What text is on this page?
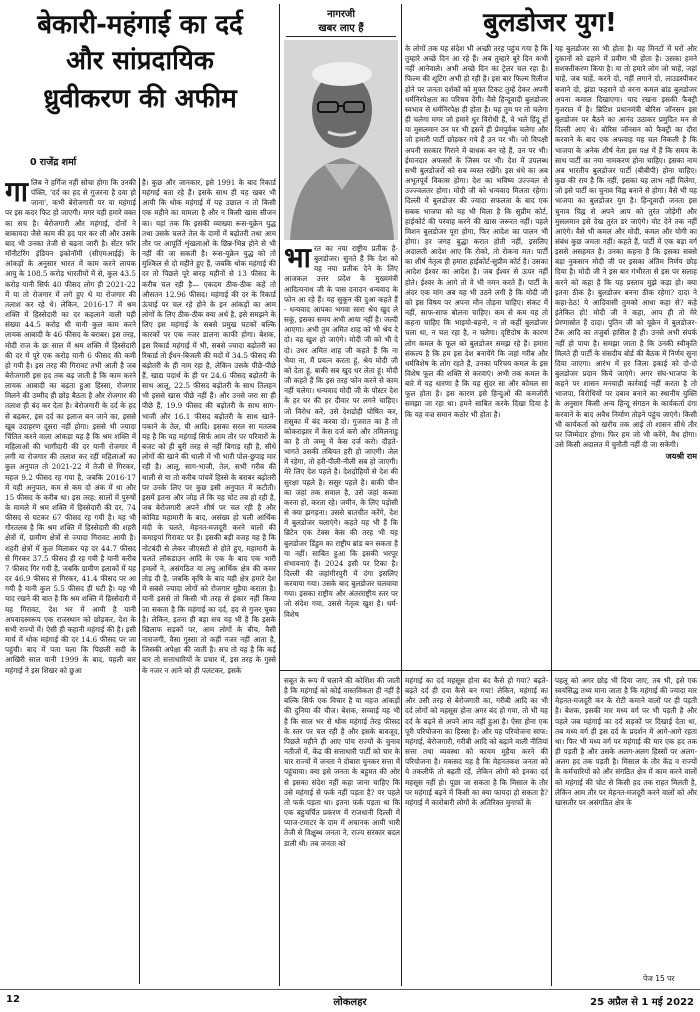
बेकारी-महंगाई का दर्द
और सांप्रदायिक
ध्रुवीकरण की अफीम
0 राजेंद्र शर्मा
गा लिब ने हर्गिज नहीं सोचा होगा कि उनकी पंक्ति, 'दर्द का हद से गुजरना है दवा हो जाना', कभी बेरोजगारी पर या महंगाई पर इस कदर फिट हो जाएगी। मगर यही हमारे वक्त का सच है। बेरोजगारी और महंगाई, दोनों ने बाकायदा जैसे काम की हद पार कर ली और उसके बाद भी उनका तेजी से बढ़ना जारी है। सेंटर फॉर मॉनीटरिंग इंडियन इकोनॉमी (सीएमआईई) के आंकड़ों के अनुसार भारत में काम करने लायक आयु के 108.5 करोड़ भारतीयों में से, कुल 43.5 करोड़ यानी सिर्फ 40 फीसद लोग ही 2021-22 में या तो रोजगार में लगे हुए थे या रोजगार की तलाश कर रहे थे। लेकिन, 2016-17 में श्रम शक्ति में हिस्सेदारी का दर कहलाने वाली यही संख्या 44.5 करोड़ थी यानी कुल काम करने लायक आबादी के 46 फीसद के बराबर। इस तरह, मोदी राज के छः साल में श्रम शक्ति में हिस्सेदारी की दर में पूरे एक करोड़ यानी 6 फीसद की कमी हो गयी है। इस तरह की गिरावट तभी आती है जब बेरोजगारी इस हद तक बढ़ जाती है कि काम करने लायक आबादी का बढ़ता हुआ हिस्सा, रोजगार मिलने की उम्मीद ही छोड़ बैठता है और रोजगार की तलाश ही बंद कर देता है। बेरोजगारी के दर्द के हद से बढ़कर, इस दर्द का इलाज बन जाने का, इससे खूब उदाहरण दूसरा नहीं होगा। इससे भी ज्यादा चिंतित करने वाला आंकड़ा यह है कि श्रम शक्ति में महिलाओं की भागीदारी की दर यानी रोजगार में लगी या रोजगार की तलाश कर रहीं महिलाओं का कुल अनुपात तो 2021-22 में तेजी से गिरकर, महज 9.2 फीसद रह गया है, जबकि 2016-17 में यही अनुपात, कम से कम दो अंक में था और 15 फीसद के करीब था। इस तरह: सालों में पुरुषों के मामले में श्रम शक्ति में हिस्सेदारी की दर, 74 फीसद से घटकर 67 फीसद रह गयी है। यह भी गौरतलब है कि श्रम शक्ति में हिस्सेदारी की शहरी क्षेत्रों में, ग्रामीण क्षेत्रों से ज्यादा गिरावट आयी है। शहरी क्षेत्रों में कुल मिलाकर यह दर 44.7 फीसद से गिरकर 37.5 फीसद ही रह गयी है यानी करीब 7 फीसद गिर गयी है, जबकि ग्रामीण इलाकों में यह दर 46.9 फीसद से गिरकर, 41.4 फीसद पर आ गयी है यानी कुल 5.5 फीसद ही घटी है। यह भी याद रखने की बात है कि श्रम शक्ति में हिस्सेदारी में यह गिरावट, देश भर में आयी है यानी अपवादस्वरूप एक राजस्थान को छोड़कर, देश के सभी राज्यों में। ऐसी ही कहानी महंगाई की है। इसी मार्च में थोक महंगाई की दर 14.6 फीसद पर जा पहुंची। बाद में पता चला कि पिछली सदी के आखिरी साल यानी 1999 के बाद, पहली बार महंगाई ने इस शिखर को छुआ
है। कुछ और जानकार, इसे 1991 के बाद रिकार्ड महंगाई बता रहे हैं। इसके साथ ही यह खबर भी आयी कि थोक महंगाई में यह उछाल न तो किसी एक महीने का मामला है और न किसी खास सीजन का। यहां तक कि इसकी व्याख्या रूस-यूक्रेन युद्ध तथा उसके चलते तेल के दामों में बढ़ोतरी तथा आम तौर पर आपूर्ति शृंखलाओं के छिन्न-भिन्न होने से भी नहीं की जा सकती है। रूस-यूक्रेन युद्ध को तो मुश्किल से दो महीने हुए हैं, जबकि थोक महंगाई की दर तो पिछले पूरे बारह महीनों से 13 फीसद के करीब चल रही है— एकदम ठीक-ठीक कहें तो औसतन 12.96 फीसद। महंगाई की दर के रिकार्ड ऊंचाई पर चल रहे होने के इन आंकड़ों का आम लोगों के लिए ठीक-ठीक क्या अर्थ है, इसे समझने के लिए इस महंगाई के सबसे प्रमुख घटकों बल्कि कारकों पर एक नजर डालना काफी होगा। बेशक, इस रिकार्ड महंगाई में भी, सबसे ज्यादा बढ़ोतरी का रिकार्ड तो ईंधन-बिजली की मदों में 34.5 फीसद की बढ़ोतरी के ही नाम रहा है, लेकिन उसके पीछे-पीछे हैं, खाद्य पदार्थ के ही पर 24.6 फीसद बढ़ोतरी के साथ आलू, 22.5 फीसद बढ़ोतरी के साथ तिलहन भी इससे खास पीछे नहीं हैं। और उनसे जरा सा ही पीछे हैं, 19.9 फीसद की बढ़ोतरी के साथ साग-भाजी और 16.1 फीसद बढ़ोतरी के साथ खाने-पकाने के तेल, घी आदि। इसका सरल सा मतलब यह है कि यह महंगाई सिर्फ आम तौर पर परिवारों के बजट को ही बुरी तरह से नहीं बिगाड़ रही है, सीधे लोगों की खाने की थाली में भी भारी पोल-छुपाइ मार रही है। आलू, साग-भाजी, तेल, सभी गरीब की थाली से या तो करीब पांचवें हिस्से के बराबर बढ़ोतरी पर उनके लिए पर कुछ इसी अनुपात में कटौती। इसमें इतना और जोड़ लें कि यह चोट तब हो रही है, जब बेरोजगारी अपने शीर्ष पर चल रही है और कोविड महामारी के बाद, असंख्य हो चली आर्थिक मंदी के चलते, मेहनत-मजदूरी करने वालों की कमाइयां गिरावट पर हैं। इसकी बड़ी वजह यह है कि नोटबंदी से लेकर जीएसटी से होते हुए, महामारी के चलते लॉकडाउन आदि के एक के बाद एक भारी हमलों ने, असंगठित या लघु आर्थिक क्षेत्र की कमर तोड़ दी है, जबकि कृषि के बाद यही क्षेत्र हमारे देश में सबसे ज्यादा लोगों को रोजगार मुहैया कराता है। यानी इससे तो किसी भी तरह से इंकार नहीं किया जा सकता है कि महंगाई का दर्द, हद से गुजर चुका है। लेकिन, इतना ही बड़ा सच यह भी है कि इसके खिलाफ सड़कों पर, आम लोगों के बीच, वैसी नाराजगी, वैसा गुस्सा तो कहीं नजर नहीं आता है, जिसकी अपेक्षा की जाती है। सच तो यह है कि कई बार तो सत्ताधारियों के प्रचार में, इस तरह के गुस्से के नजर न आने को ही पलटकर, इसके
नागरजी
खबर लाए हैं
भा रत का नया राष्ट्रीय प्रतीक है-बुलडोजर। सुनते हैं कि देश को यह नया प्रतीक देने के लिए आजकल उत्तर प्रदेश के मुख्यमंत्री आदित्यनाथ जी के पास दनादन धन्यवाद के फोन आ रहे हैं। यह सुकून की दुआ कहते हैं - धन्यवाद आपका भगवा सारा श्रेय खुद ले सकूं, इसका समय अभी आया नहीं है। जल्दी आएगा। अभी तुम अमित शाह को भी श्रेय दे दो। वह खुश हो जाएंगे। मोदी जी को भी दे दो। उधर अमित शाह जी कहते हैं कि ना भैया ना, मैं प्रयत्न करता हूं, श्रेय मोदी जी को देता हूं, बाकी सब खुद धर लेता हूं। मोदी जी कहते हैं कि इस तरह फोन करने से काम नहीं चलेगा। धन्यवाद मोदी जी के पोस्टर देश के हर घर की हर दीवार पर लगने चाहिए। जो विरोध करें, उसे देशद्रोही घोषित कर, रासुका में बंद करवा दो। गुजरात का है तो कोकराझार में केस दर्ज करो और तमिलनाडु का है तो जम्मू में केस दर्ज करो। दौड़ते- भागते उसकी तबियत हरी हो जाएगी। जेल में रहेगा, तो हरी-पीली-नीली सब हो जाएगी। मेरे लिए देश पहले है। देशद्रोहियों से देश की सुरक्षा पहले है। ससुर पहले है। बाकी चीन का जहां तक सवाल है, उसे जहां कब्जा करना हो, करता रहे। जमीन, के लिए पड़ोसी से क्या झगड़ना। उससे बातचीत करेंगे, देश में बुलडोजर चलाएंगे। कहते यह भी हैं कि ब्रिटेन एक टेक्स केस की तरह भी यह बुलडोजर डिंडुम का राष्ट्रीय ब्रांड बन सकता है या नहीं। साबित हुआ कि इसकी भरपूर संभावनाएं हैं। 2024 इसी पर टिका है। दिल्ली की जहांगीरपुरी में दंगा इसलिए करवाया गया। उसके बाद बुलडोजर चलवाया गया। इसका राष्ट्रीय और अंतरराष्ट्रीय स्तर पर जो संदेश गया, उससे नेतृत्व खुश है। धर्म- विशेष
सबूत के रूप में चलाने की कोशिश की जाती है कि महंगाई को कोई वास्तविकता ही नहीं है बल्कि सिर्फ एक विचार है या महज आंकड़ों की दुनिया की चीज। बेशक, सच्चाई यह भी है कि साल भर से थोक महंगाई तेरह फीसद के स्तर पर चल रही है और इसके बावजूद, पिछले महीने ही आए पांच राज्यों के चुनाव नतीजों में, केंद्र की सत्ताधारी पार्टी को चार के चार राज्यों में जनता ने दोबारा चुनकर सत्ता में पहुंचाया। क्या इसे जनता के बहुमत की ओर से इसका संदेश नहीं कहा जाना चाहिए कि उसे महंगाई से फर्क नहीं पड़ता है? पर पहले तो फर्क पड़ता था। इतना फर्क पड़ता था कि एक बहुचर्चित प्रकरण में राजधानी दिल्ली में प्याज-टमाटर के दाम में अचानक आयी भारी तेजी से विक्षुब्ध जनता ने, राज्य सरकार बदल डाली थी। तब जनता को
बुलडोजर युग!
के लोगों तक यह संदेश भी अच्छी तरह पहुंच गया है कि तुम्हारे अच्छे दिन आ रहे हैं। अब तुम्हारे बुरे दिन कभी नहीं आनेवाले। अभी अच्छे दिन का ट्रेलर चल रहा है। फिल्म की शूटिंग अभी हो रही है। इस बार फिल्म रिलीज होने पर जनता दर्शकों को मुफ्त टिकट तुम्हें देकर अपनी धर्मनिरपेक्षता का परिचय देंगी। वैसे हिन्दूवादी बुलडोजर स्वभाव से धर्मनिरपेक्ष ही होता है। यह तुम पर तो चलेगा ही चलेगा मगर जो हमारे धुर विरोधी हैं, वे भले हिंदू हों या मुसलमान उन पर भी इसने ही प्रेमपूर्वक चलेगा और जो हमारी पार्टी छोड़कर गये हैं उन पर भी। जो विपक्षी अपनी सरकार गिराने में बाधक बन रहे हैं, उन पर भी। ईमानदार अफसरों के जिस्म पर भी। देश में उपलब्ध सभी बुलडोजरों को सब व्यस्त रखेंगे। इस धंधे का अब अभूतपूर्व विकास होगा। देश का भविष्य उज्ज्वल से उज्ज्वलतर होगा। मोदी जी को धन्यवाद मिलता रहेगा। दिल्ली में बुलडोजर की ज्यादा सफलता के बाद एक सबक भाजपा को यह भी मिला है कि सुप्रीम कोर्ट, हाईकोर्ट की परवाह करने की खास जरूरत नहीं। पहले मिशन बुलडोजर पूरा होगा, फिर आदेश का पालन भी होगा। हर जगह बुद्धा करात होती नहीं, इसलिए अदालती आदेश आए कि रोको, तो रोकना मत। पार्टी का शीर्ष नेतृत्व ही हमारा हाईकोर्ट-सुप्रीम कोर्ट है। उसका आदेश ईश्वर का आदेश है। जब ईश्वर से ऊपर नहीं होते। ईश्वर के आगे तो वे भी नमन करते हैं। पार्टी के अंदर एक मांग अब यह भी उठने लगी है कि मोदी जी को इस विषय पर अपना मौन तोड़ना चाहिए। संकट में नहीं, साफ-साफ बोलना चाहिए। कम से कम यह तो कहना चाहिए कि भाइयो-बहनो, न तो कहीं बुलडोजर चला था, न चल रहा है, न चलेगा। दृष्टिदोष के कारण लोग कमल के फूल को बुलडोजर समझ रहे हैं। हमारा संकल्प है कि हम इस देश बनायेंगे कि जहां गरीब और धर्मविशेष के लोग रहते हैं, उनका परिचय कमल के इस विशेष फूल की शक्ति से करवाएं। अभी तक कमल के बारे में यह धारणा है कि यह सुंदर सा और कोमल सा फूल होता है। इस कारण इसे हिन्दुओं की कमजोरी समझा जा रहा था। हमने साबित करके दिखा दिया है कि यह वज्र समान कठोर भी होता है।
यह बुलडोजर सा भी होता है। यह मिनटों में घरों और दुकानों को ढहाने में प्रवीण भी होता है। उसका हमने सशक्तीकरण किया है। या तो हमारे लोग जो चाहें, जहां चाहें, जब चाहें, करने दो, नहीं लगाने दो, लाउडस्पीकर बजाने दो, झंडा फहराने दो वरना कमल ब्रांड बुलडोजर अपना कमाल दिखाएगा। याद रखना इसकी फैक्ट्री गुजरात में है। ब्रिटिश प्रधानमंत्री बोरिस जॉनसन इस बुलडोजर पर बैठने का आनंद उठाकर प्रमुदित मन से दिल्ली आए थे। बोरिस जॉनसन को फैक्ट्री का दौरा करवाने के बाद एक अफवाह यह चल निकली है कि भाजपा के अनेक शीर्ष नेता इस पक्ष में हैं कि समय के साथ पार्टी का नया नामकरण होना चाहिए। इसका नाम अब भारतीय बुलडोजर पार्टी (बीबीपी) होना चाहिए। कुछ की राय है कि नहीं, इसका यह लाभ नहीं मिलेगा, जो इसे पार्टी का चुनाव चिह्न बनाने से होगा। वैसे भी यह भाजपा का बुलडोजर युग है। हिन्दूवादी जनता इस चुनाव चिह्न से अपने आप को तुरंत जोड़ेगी और मुसलमान इसे देख तुरंत डर जाएंगे। वोट देने तक नहीं आएंगे। वैसे भी कमल और मोदी, कमल और योगी का संबंध कुछ जमता नहीं। कहते हैं, पार्टी में एक बड़ा वर्ग इससे असहमत है। उनका कहना है कि इसका सबसे बड़ा नुकसान मोदी जी पर इसका अंतिम निर्णय छोड़ दिया है। मोदी जी ने इस बार गंभीरता से इस पर सलाह करने को कहा है कि यह प्रस्ताव मुझे कड़ा हो। क्या इतना ठीक है। बुलडोजर बनना ठीक रहेगा? दादा ने कहा-ठेठ! ये आदिवासी तुमको आधा कहा से? कहे इंतेकित हो! मोदी जी ने कहा, आप ही तो मेरे प्रेरणास्रोत हैं दादा। पुतिन जी को यूक्रेन में बुलडोजर-टैंक आदि का तजुर्बा हासिल है ही। उनसे अभी संपर्क नहीं हो पाया है। समझा जाता है कि उनकी स्वीकृति मिलते ही पार्टी के संसदीय बोर्ड की बैठक में निर्णय सुना दिया जाएगा। आरंभ में हर जिला इकाई को दो-दो बुलडोजर प्रदान किये जाएंगे। अगर संघ-भाजपा के कहने पर शासन मनचाही कार्रवाई नहीं करता है तो भाजपा, विरोधियों पर दबाव बनाने का स्थानीय युक्ति के अनुसार किसी अन्य हिन्दू संगठन के कार्यकर्ता दंगा करवाने के बाद अवैध निर्माण तोड़ने पहुंच जाएंगे। किसी भी कार्यकर्ता को खरोंच तक आई तो शासन सीधे तौर पर जिम्मेदार होगा। फिर हम जो भी करेंगे, वैध होगा। उसे किसी अदालत में चुनौती नहीं दी जा सकेगी।
जयश्री राम
महंगाई का दर्द महसूस होना बंद कैसे हो गया? बढ़ते-बढ़ते दर्द ही दवा कैसे बन गया! लेकिन, महंगाई का और उसी तरह से बेरोजगारी का, गरीबी आदि का भी दर्द लोगों को महसूस होना अगर बंद हो गया, तो भी यह दर्द के बढ़ने से अपने आप नहीं हुआ है। ऐसा होना एक पूरी परियोजना का हिस्सा है। और यह परियोजना साफ: महंगाई, बेरोजगारी, गरीबी आदि को बढ़ाने वाली नीतियां सत्ता तथा व्यवस्था को कायम मुहैया करने की परियोजना है। मकसद यह है कि मेहनतकश जनता को ये तकलीफें तो बढ़ती रहें, लेकिन लोगों को इनका दर्द महसूस नहीं हो। पूछा जा सकता है कि मिसाल के तौर पर महंगाई बढ़ने में किसी का क्या फायदा हो सकता है? महंगाई में कारोबारी लोगों के अतिरिक्त मुनाफों के
पहलू को अगर छोड़ भी दिया जाए, तब भी, इसे एक स्वयंसिद्ध तथ्य माना जाता है कि महंगाई की ज्यादा मार मेहनत-मजदूरी कर के रोटी कमाने वालों पर ही पड़ती है। बेशक, इसकी मार मध्य वर्ग पर भी पड़ती है और पहले जब महंगाई का दर्द सड़कों पर दिखाई देता था, तब मध्य वर्ग ही इस दर्द के प्रदर्शन में आगे-आगे रहता था। फिर भी मध्य वर्ग पर महंगाई की मार एक हद तक ही पड़ती है और उसके अलग-अलग हिस्सों पर अलग-अलग हद तक पड़ती है। मिसाल के तौर केंद्र व राज्यों के कर्मचारियों को और संगठित क्षेत्र में काम करने वालों को महंगाई की चोट से किसी हद तक राहत मिलती है, लेकिन आम तौर पर मेहनत-मजदूरी करने वालों को और खासतौर पर असंगठित क्षेत्र के
पेज 15 पर
12	लोकलहर	25 अप्रैल से 1 मई 2022
